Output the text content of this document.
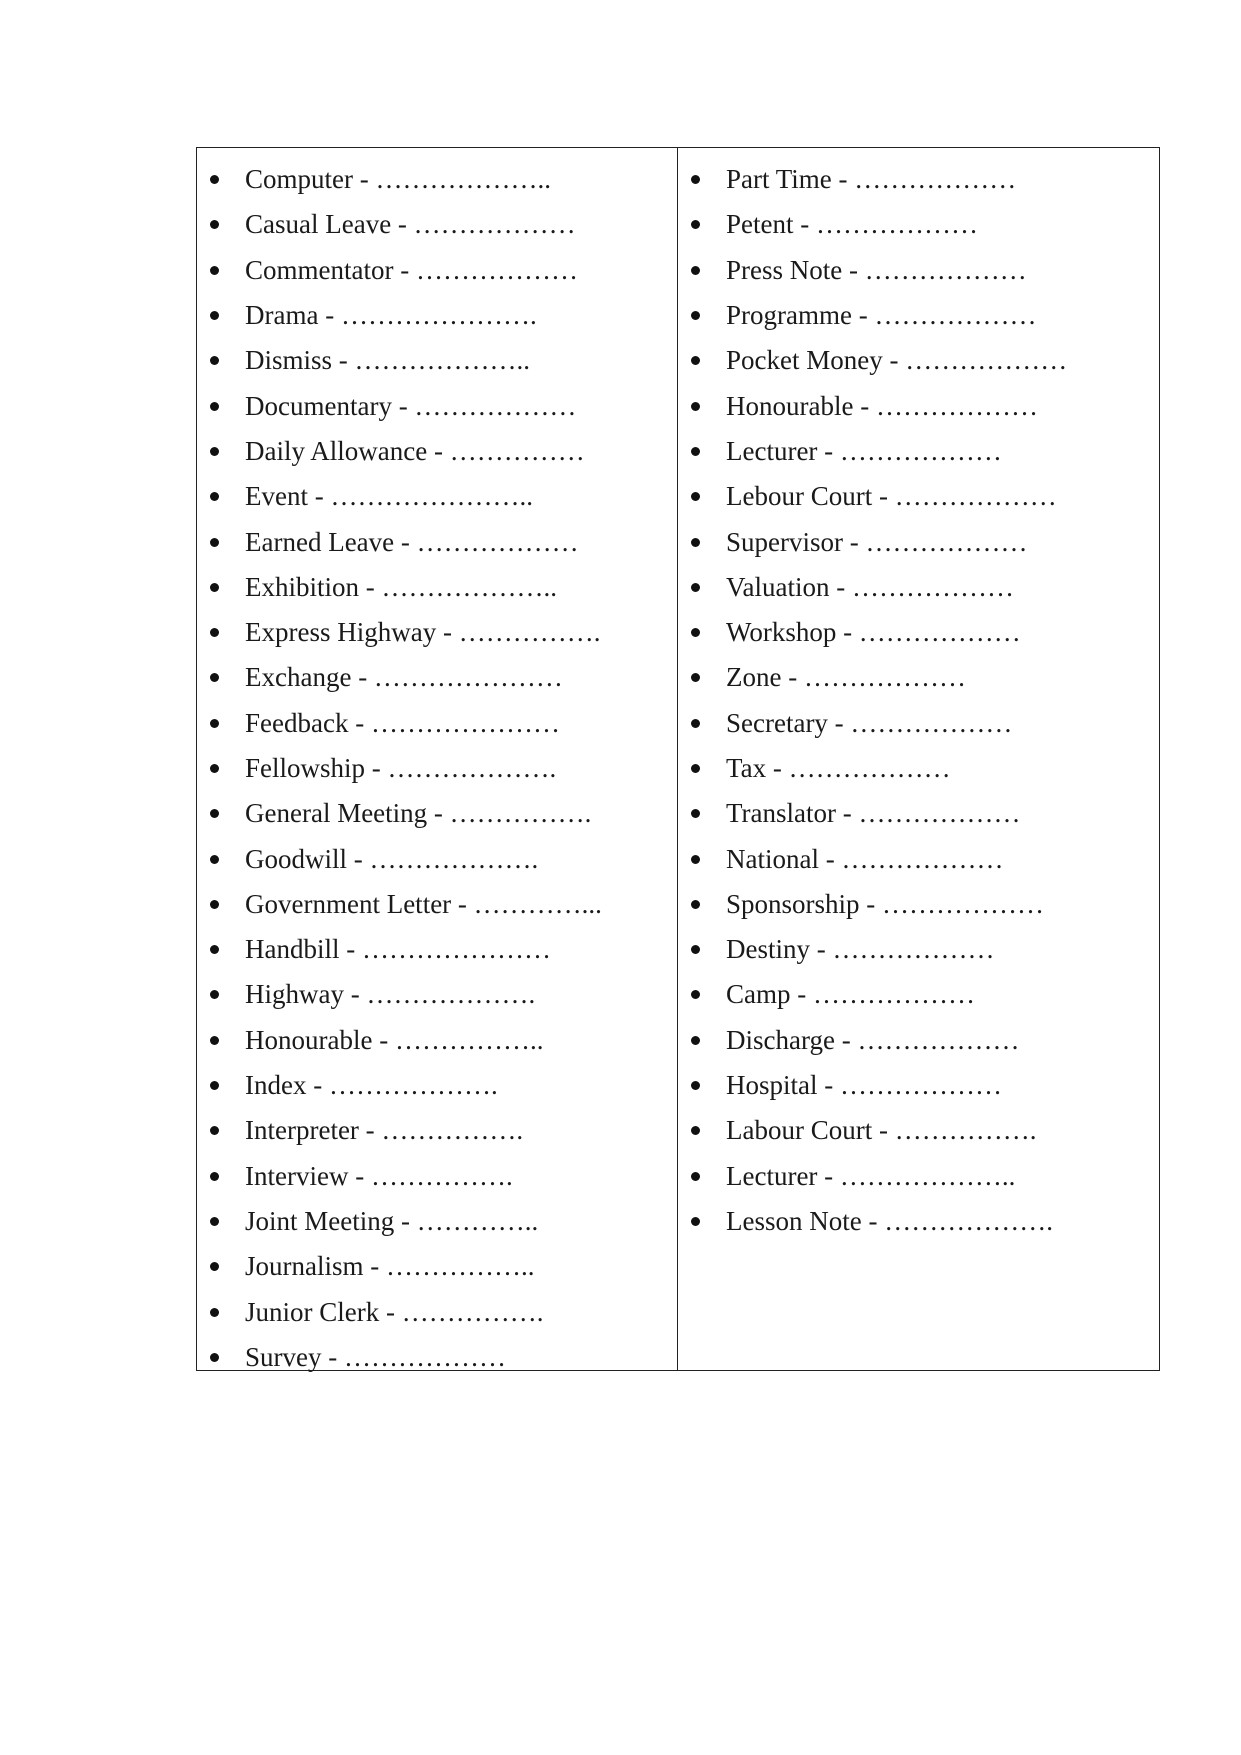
Computer - ………………..
Casual Leave - ………………
Commentator - ………………
Drama - ………………….
Dismiss - ………………..
Documentary - ………………
Daily Allowance - ……………
Event - …………………..
Earned Leave - ………………
Exhibition - ………………..
Express Highway - …………….
Exchange - …………………
Feedback - …………………
Fellowship - ……………….
General Meeting - …………….
Goodwill - ……………….
Government Letter - …………...
Handbill - …………………
Highway - ……………….
Honourable - ……………..
Index - ……………….
Interpreter - …………….
Interview - …………….
Joint Meeting - …………..
Journalism - ……………..
Junior Clerk - …………….
Survey - ………………
Part Time - ………………
Petent - ………………
Press Note - ………………
Programme - ………………
Pocket Money - ………………
Honourable - ………………
Lecturer - ………………
Lebour Court - ………………
Supervisor - ………………
Valuation - ………………
Workshop - ………………
Zone - ………………
Secretary - ………………
Tax - ………………
Translator - ………………
National - ………………
Sponsorship - ………………
Destiny - ………………
Camp - ………………
Discharge - ………………
Hospital - ………………
Labour Court - …………….
Lecturer - ………………..
Lesson Note - ……………….
